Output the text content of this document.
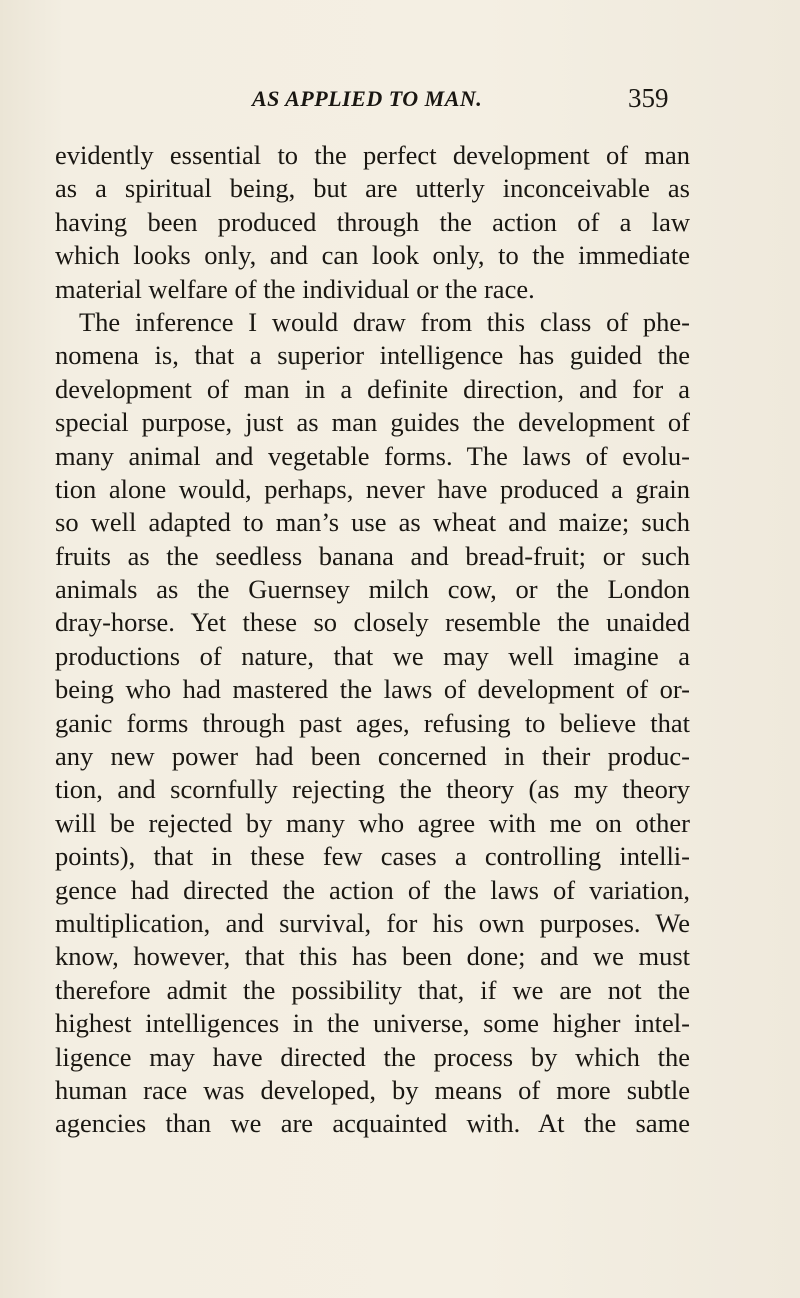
AS APPLIED TO MAN.	359
evidently essential to the perfect development of man
as a spiritual being, but are utterly inconceivable as
having been produced through the action of a law
which looks only, and can look only, to the immediate
material welfare of the individual or the race.
The inference I would draw from this class of phe-
nomena is, that a superior intelligence has guided the
development of man in a definite direction, and for a
special purpose, just as man guides the development of
many animal and vegetable forms. The laws of evolu-
tion alone would, perhaps, never have produced a grain
so well adapted to man’s use as wheat and maize; such
fruits as the seedless banana and bread-fruit; or such
animals as the Guernsey milch cow, or the London
dray-horse. Yet these so closely resemble the unaided
productions of nature, that we may well imagine a
being who had mastered the laws of development of or-
ganic forms through past ages, refusing to believe that
any new power had been concerned in their produc-
tion, and scornfully rejecting the theory (as my theory
will be rejected by many who agree with me on other
points), that in these few cases a controlling intelli-
gence had directed the action of the laws of variation,
multiplication, and survival, for his own purposes. We
know, however, that this has been done; and we must
therefore admit the possibility that, if we are not the
highest intelligences in the universe, some higher intel-
ligence may have directed the process by which the
human race was developed, by means of more subtle
agencies than we are acquainted with. At the same
